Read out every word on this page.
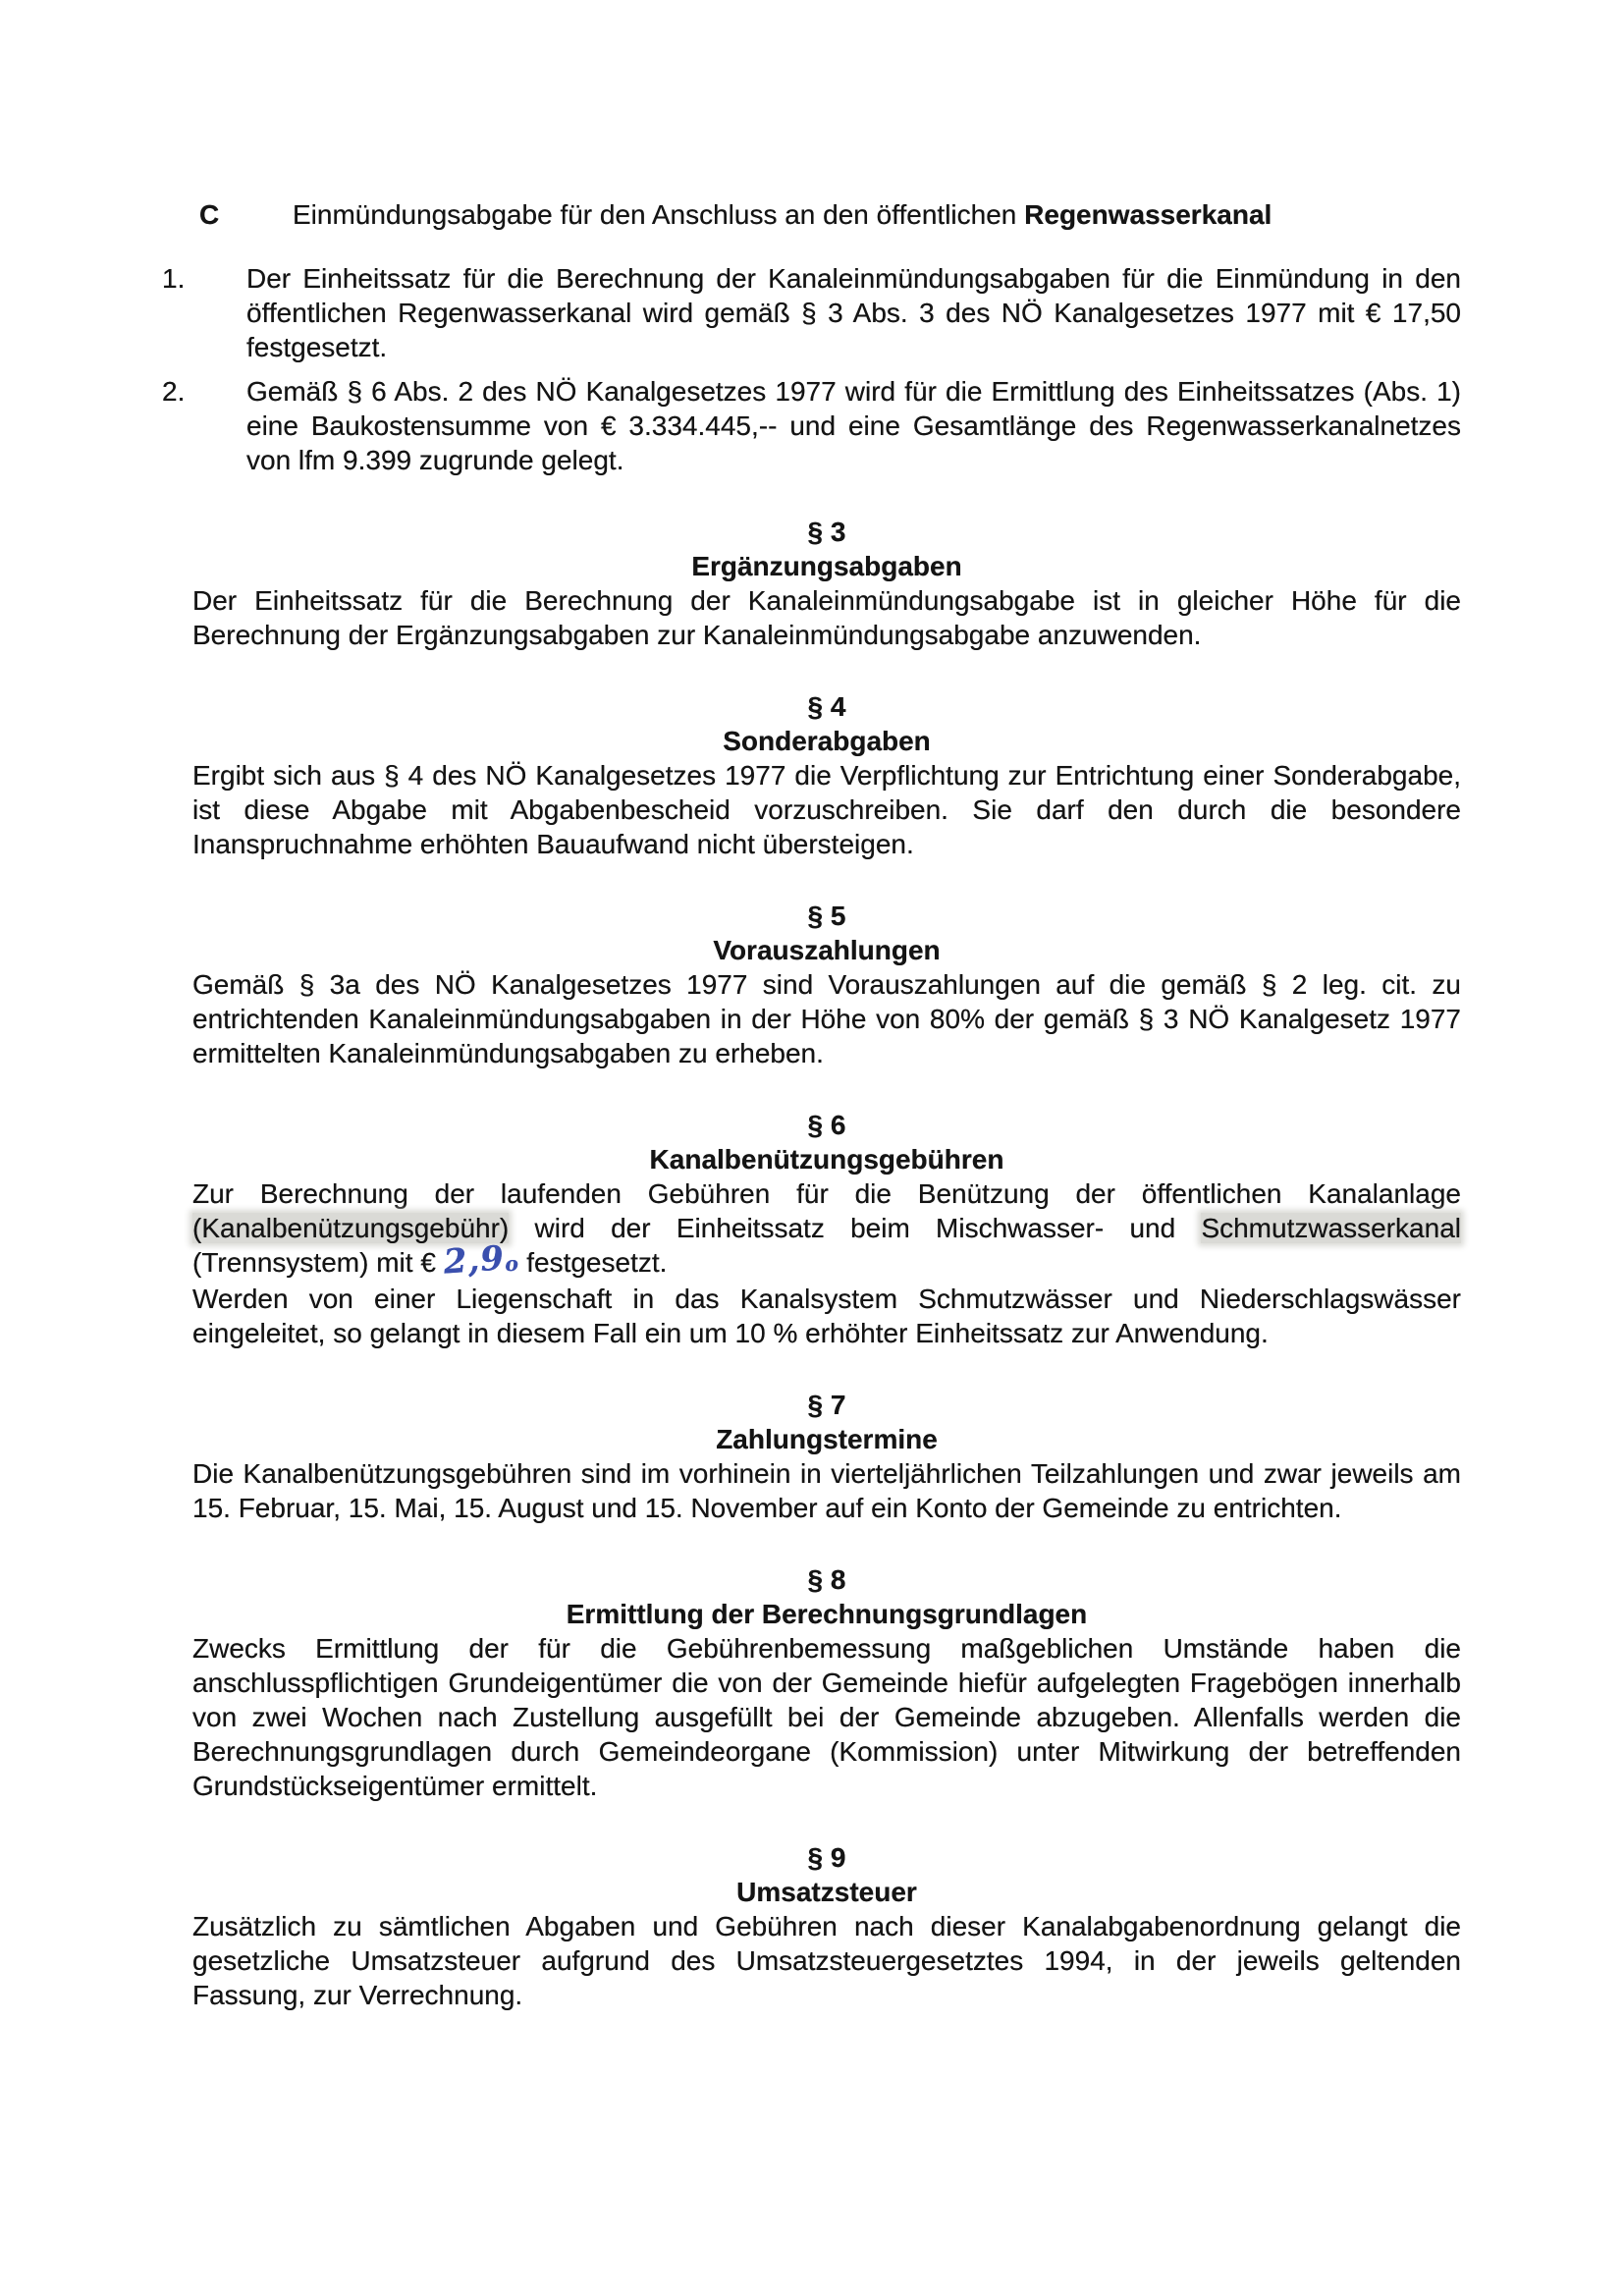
C	Einmündungsabgabe für den Anschluss an den öffentlichen Regenwasserkanal
1.	Der Einheitssatz für die Berechnung der Kanaleinmündungsabgaben für die Einmündung in den öffentlichen Regenwasserkanal wird gemäß § 3 Abs. 3 des NÖ Kanalgesetzes 1977 mit € 17,50 festgesetzt.
2.	Gemäß § 6 Abs. 2 des NÖ Kanalgesetzes 1977 wird für die Ermittlung des Einheitssatzes (Abs. 1) eine Baukostensumme von € 3.334.445,-- und eine Gesamtlänge des Regenwasserkanalnetzes von lfm 9.399 zugrunde gelegt.
§ 3
Ergänzungsabgaben

Der Einheitssatz für die Berechnung der Kanaleinmündungsabgabe ist in gleicher Höhe für die Berechnung der Ergänzungsabgaben zur Kanaleinmündungsabgabe anzuwenden.

§ 4
Sonderabgaben

Ergibt sich aus § 4 des NÖ Kanalgesetzes 1977 die Verpflichtung zur Entrichtung einer Sonderabgabe, ist diese Abgabe mit Abgabenbescheid vorzuschreiben. Sie darf den durch die besondere Inanspruchnahme erhöhten Bauaufwand nicht übersteigen.

§ 5
Vorauszahlungen

Gemäß § 3a des NÖ Kanalgesetzes 1977 sind Vorauszahlungen auf die gemäß § 2 leg. cit. zu entrichtenden Kanaleinmündungsabgaben in der Höhe von 80% der gemäß § 3 NÖ Kanalgesetz 1977 ermittelten Kanaleinmündungsabgaben zu erheben.

§ 6
Kanalbenützungsgebühren

Zur Berechnung der laufenden Gebühren für die Benützung der öffentlichen Kanalanlage (Kanalbenützungsgebühr) wird der Einheitssatz beim Mischwasser- und Schmutzwasserkanal (Trennsystem) mit € 2,9o festgesetzt.

Werden von einer Liegenschaft in das Kanalsystem Schmutzwässer und Niederschlagswässer eingeleitet, so gelangt in diesem Fall ein um 10 % erhöhter Einheitssatz zur Anwendung.

§ 7
Zahlungstermine

Die Kanalbenützungsgebühren sind im vorhinein in vierteljährlichen Teilzahlungen und zwar jeweils am 15. Februar, 15. Mai, 15. August und 15. November auf ein Konto der Gemeinde zu entrichten.

§ 8
Ermittlung der Berechnungsgrundlagen

Zwecks Ermittlung der für die Gebührenbemessung maßgeblichen Umstände haben die anschlusspflichtigen Grundeigentümer die von der Gemeinde hiefür aufgelegten Fragebögen innerhalb von zwei Wochen nach Zustellung ausgefüllt bei der Gemeinde abzugeben. Allenfalls werden die Berechnungsgrundlagen durch Gemeindeorgane (Kommission) unter Mitwirkung der betreffenden Grundstückseigentümer ermittelt.

§ 9
Umsatzsteuer

Zusätzlich zu sämtlichen Abgaben und Gebühren nach dieser Kanalabgabenordnung gelangt die gesetzliche Umsatzsteuer aufgrund des Umsatzsteuergesetztes 1994, in der jeweils geltenden Fassung, zur Verrechnung.
